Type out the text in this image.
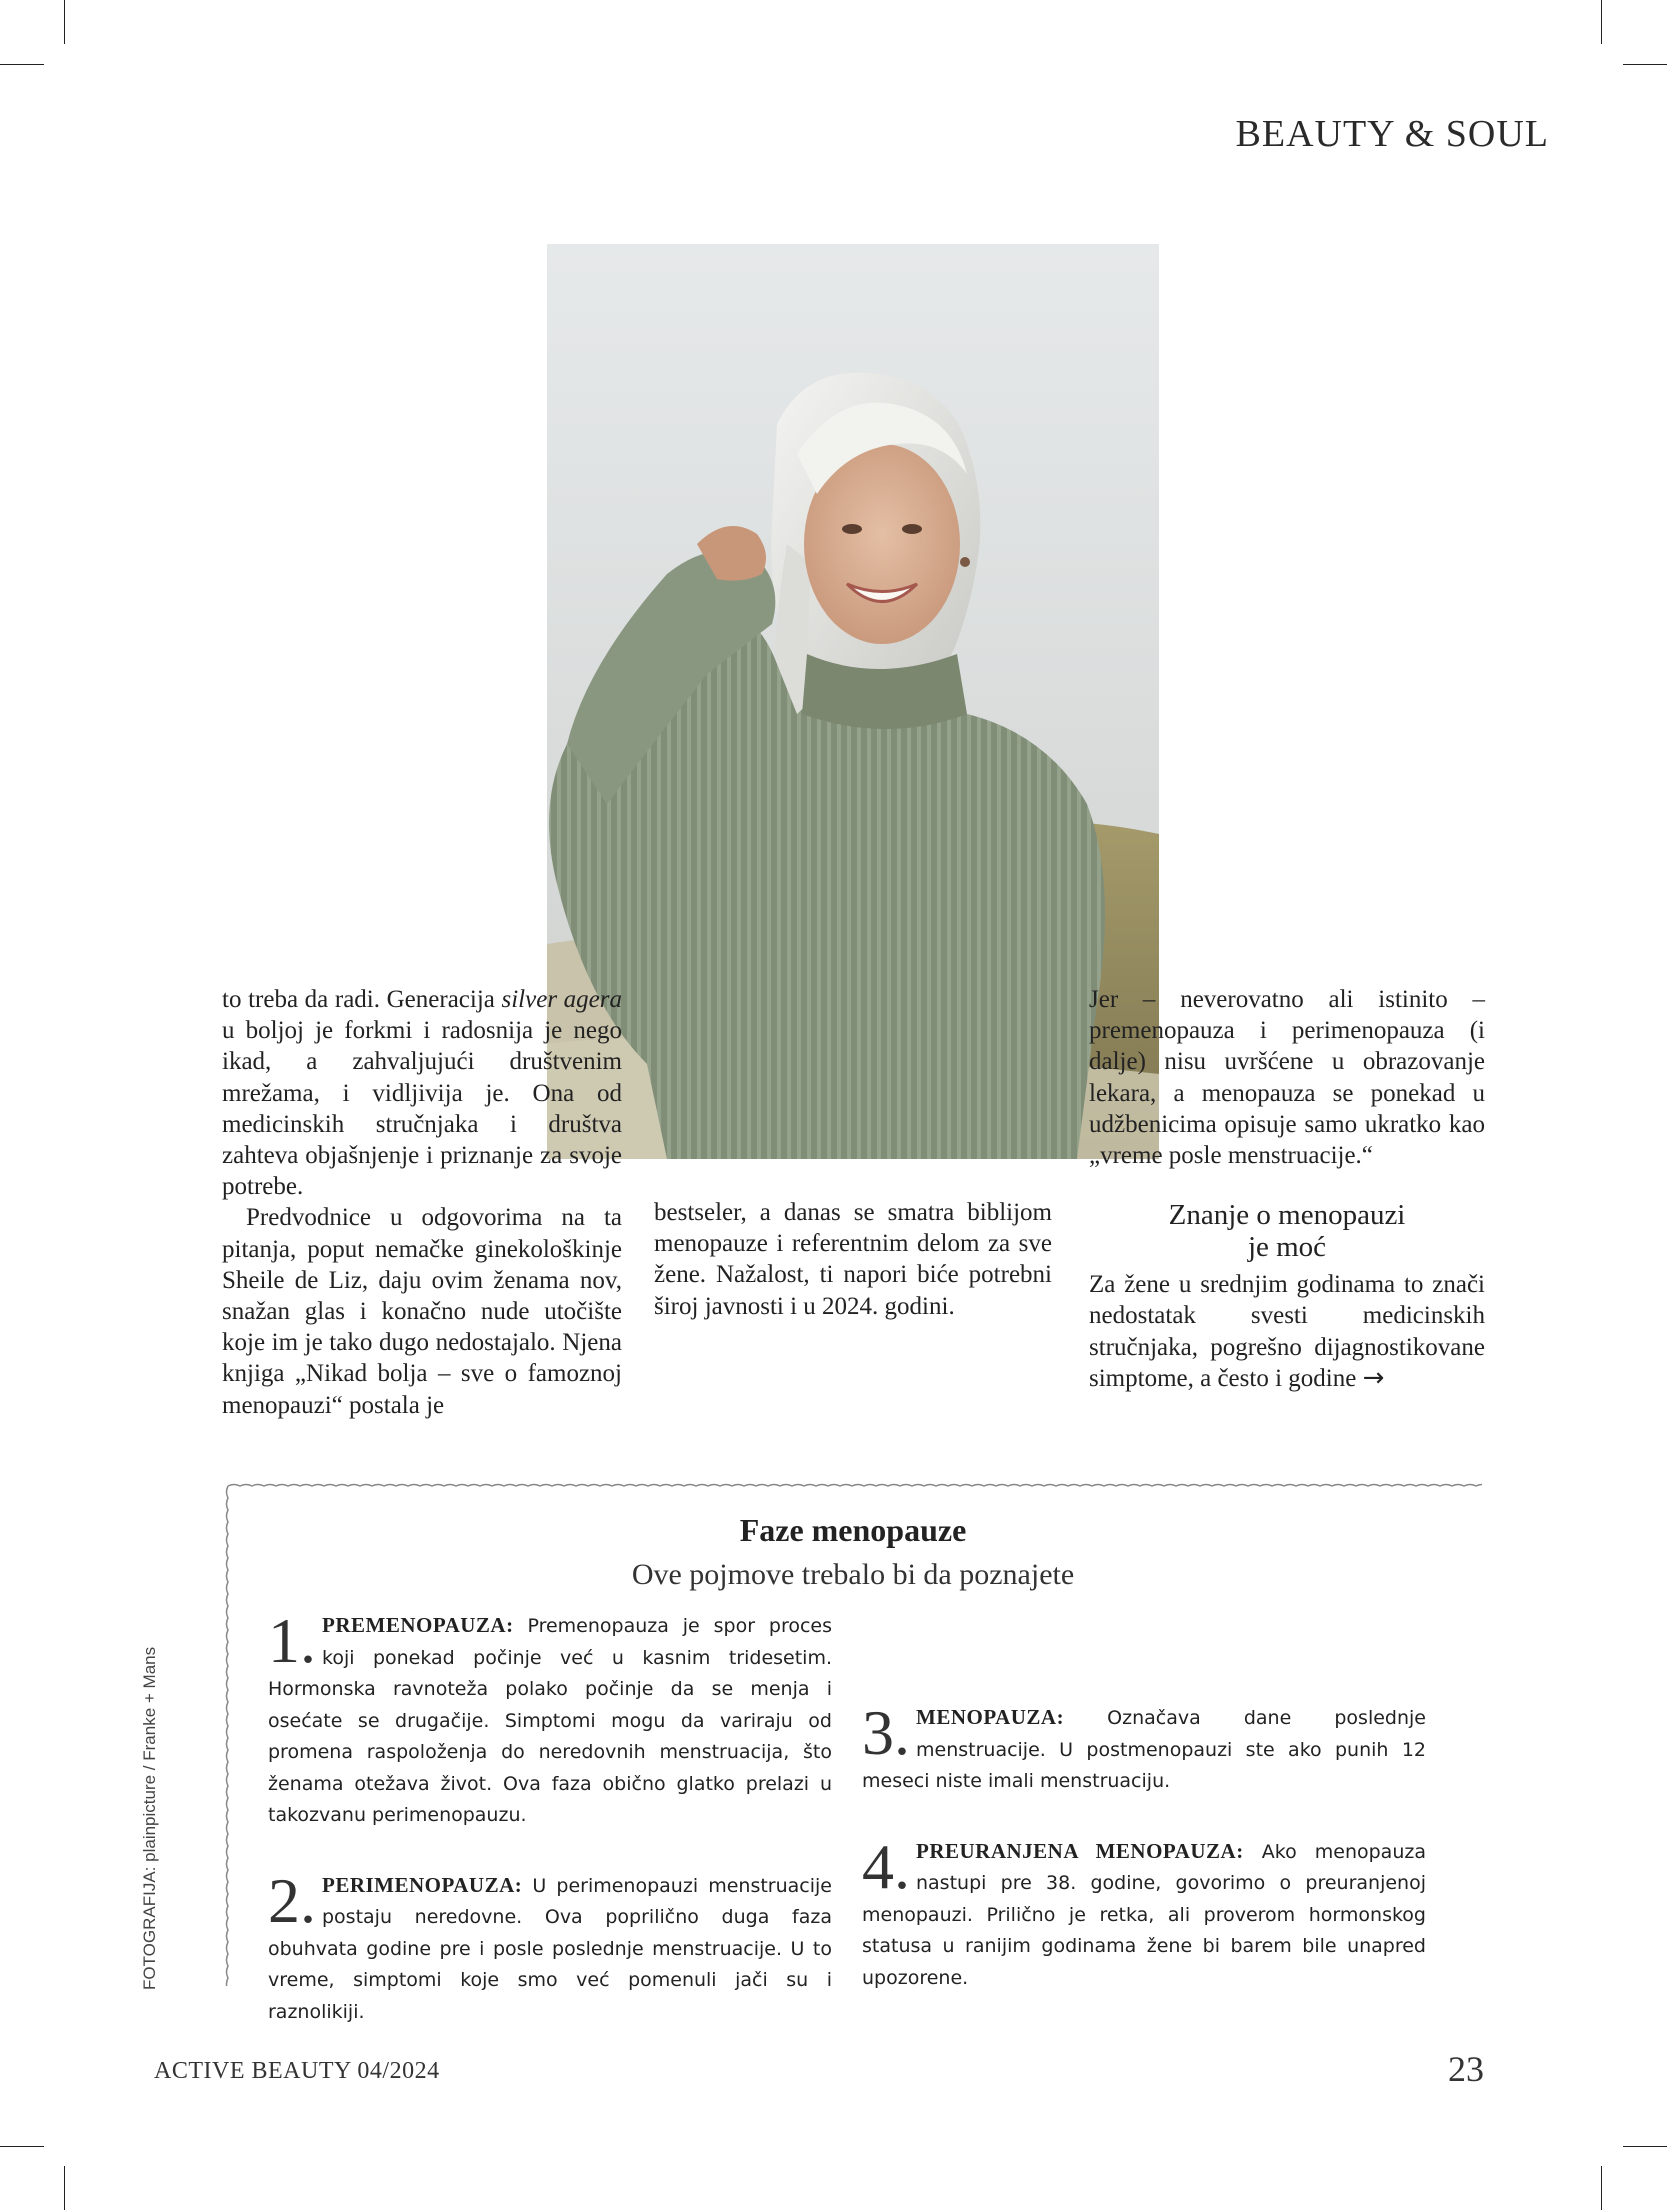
BEAUTY & SOUL

to treba da radi. Generacija silver agera u boljoj je forkmi i radosnija je nego ikad, a zahvaljujući društvenim mrežama, i vidljivija je. Ona od medicinskih stručnjaka i društva zahteva objašnjenje i priznanje za svoje potrebe.

Predvodnice u odgovorima na ta pitanja, poput nemačke ginekološkinje Sheile de Liz, daju ovim ženama nov, snažan glas i konačno nude utočište koje im je tako dugo nedostajalo. Njena knjiga „Nikad bolja – sve o famoznoj menopauzi“ postala je

bestseler, a danas se smatra biblijom menopauze i referentnim delom za sve žene. Nažalost, ti napori biće potrebni široj javnosti i u 2024. godini.

Jer – neverovatno ali istinito – premenopauza i perimenopauza (i dalje) nisu uvršćene u obrazovanje lekara, a menopauza se ponekad u udžbenicima opisuje samo ukratko kao „vreme posle menstruacije.“

Znanje o menopauzi
je moć

Za žene u srednjim godinama to znači nedostatak svesti medicinskih stručnjaka, pogrešno dijagnostikovane simptome, a često i godine →

Faze menopauze
Ove pojmove trebalo bi da poznajete
1. PREMENOPAUZA: Premenopauza je spor proces koji ponekad počinje već u kasnim tridesetim. Hormonska ravnoteža polako počinje da se menja i osećate se drugačije. Simptomi mogu da variraju od promena raspoloženja do neredovnih menstruacija, što ženama otežava život. Ova faza obično glatko prelazi u takozvanu perimenopauzu.
2. PERIMENOPAUZA: U perimenopauzi menstruacije postaju neredovne. Ova poprilično duga faza obuhvata godine pre i posle poslednje menstruacije. U to vreme, simptomi koje smo već pomenuli jači su i raznolikiji.
3. MENOPAUZA: Označava dane poslednje menstruacije. U postmenopauzi ste ako punih 12 meseci niste imali menstruaciju.
4. PREURANJENA MENOPAUZA: Ako menopauza nastupi pre 38. godine, govorimo o preuranjenoj menopauzi. Prilično je retka, ali proverom hormonskog statusa u ranijim godinama žene bi barem bile unapred upozorene.
FOTOGRAFIJA: plainpicture / Franke + Mans
ACTIVE BEAUTY 04/2024	23
